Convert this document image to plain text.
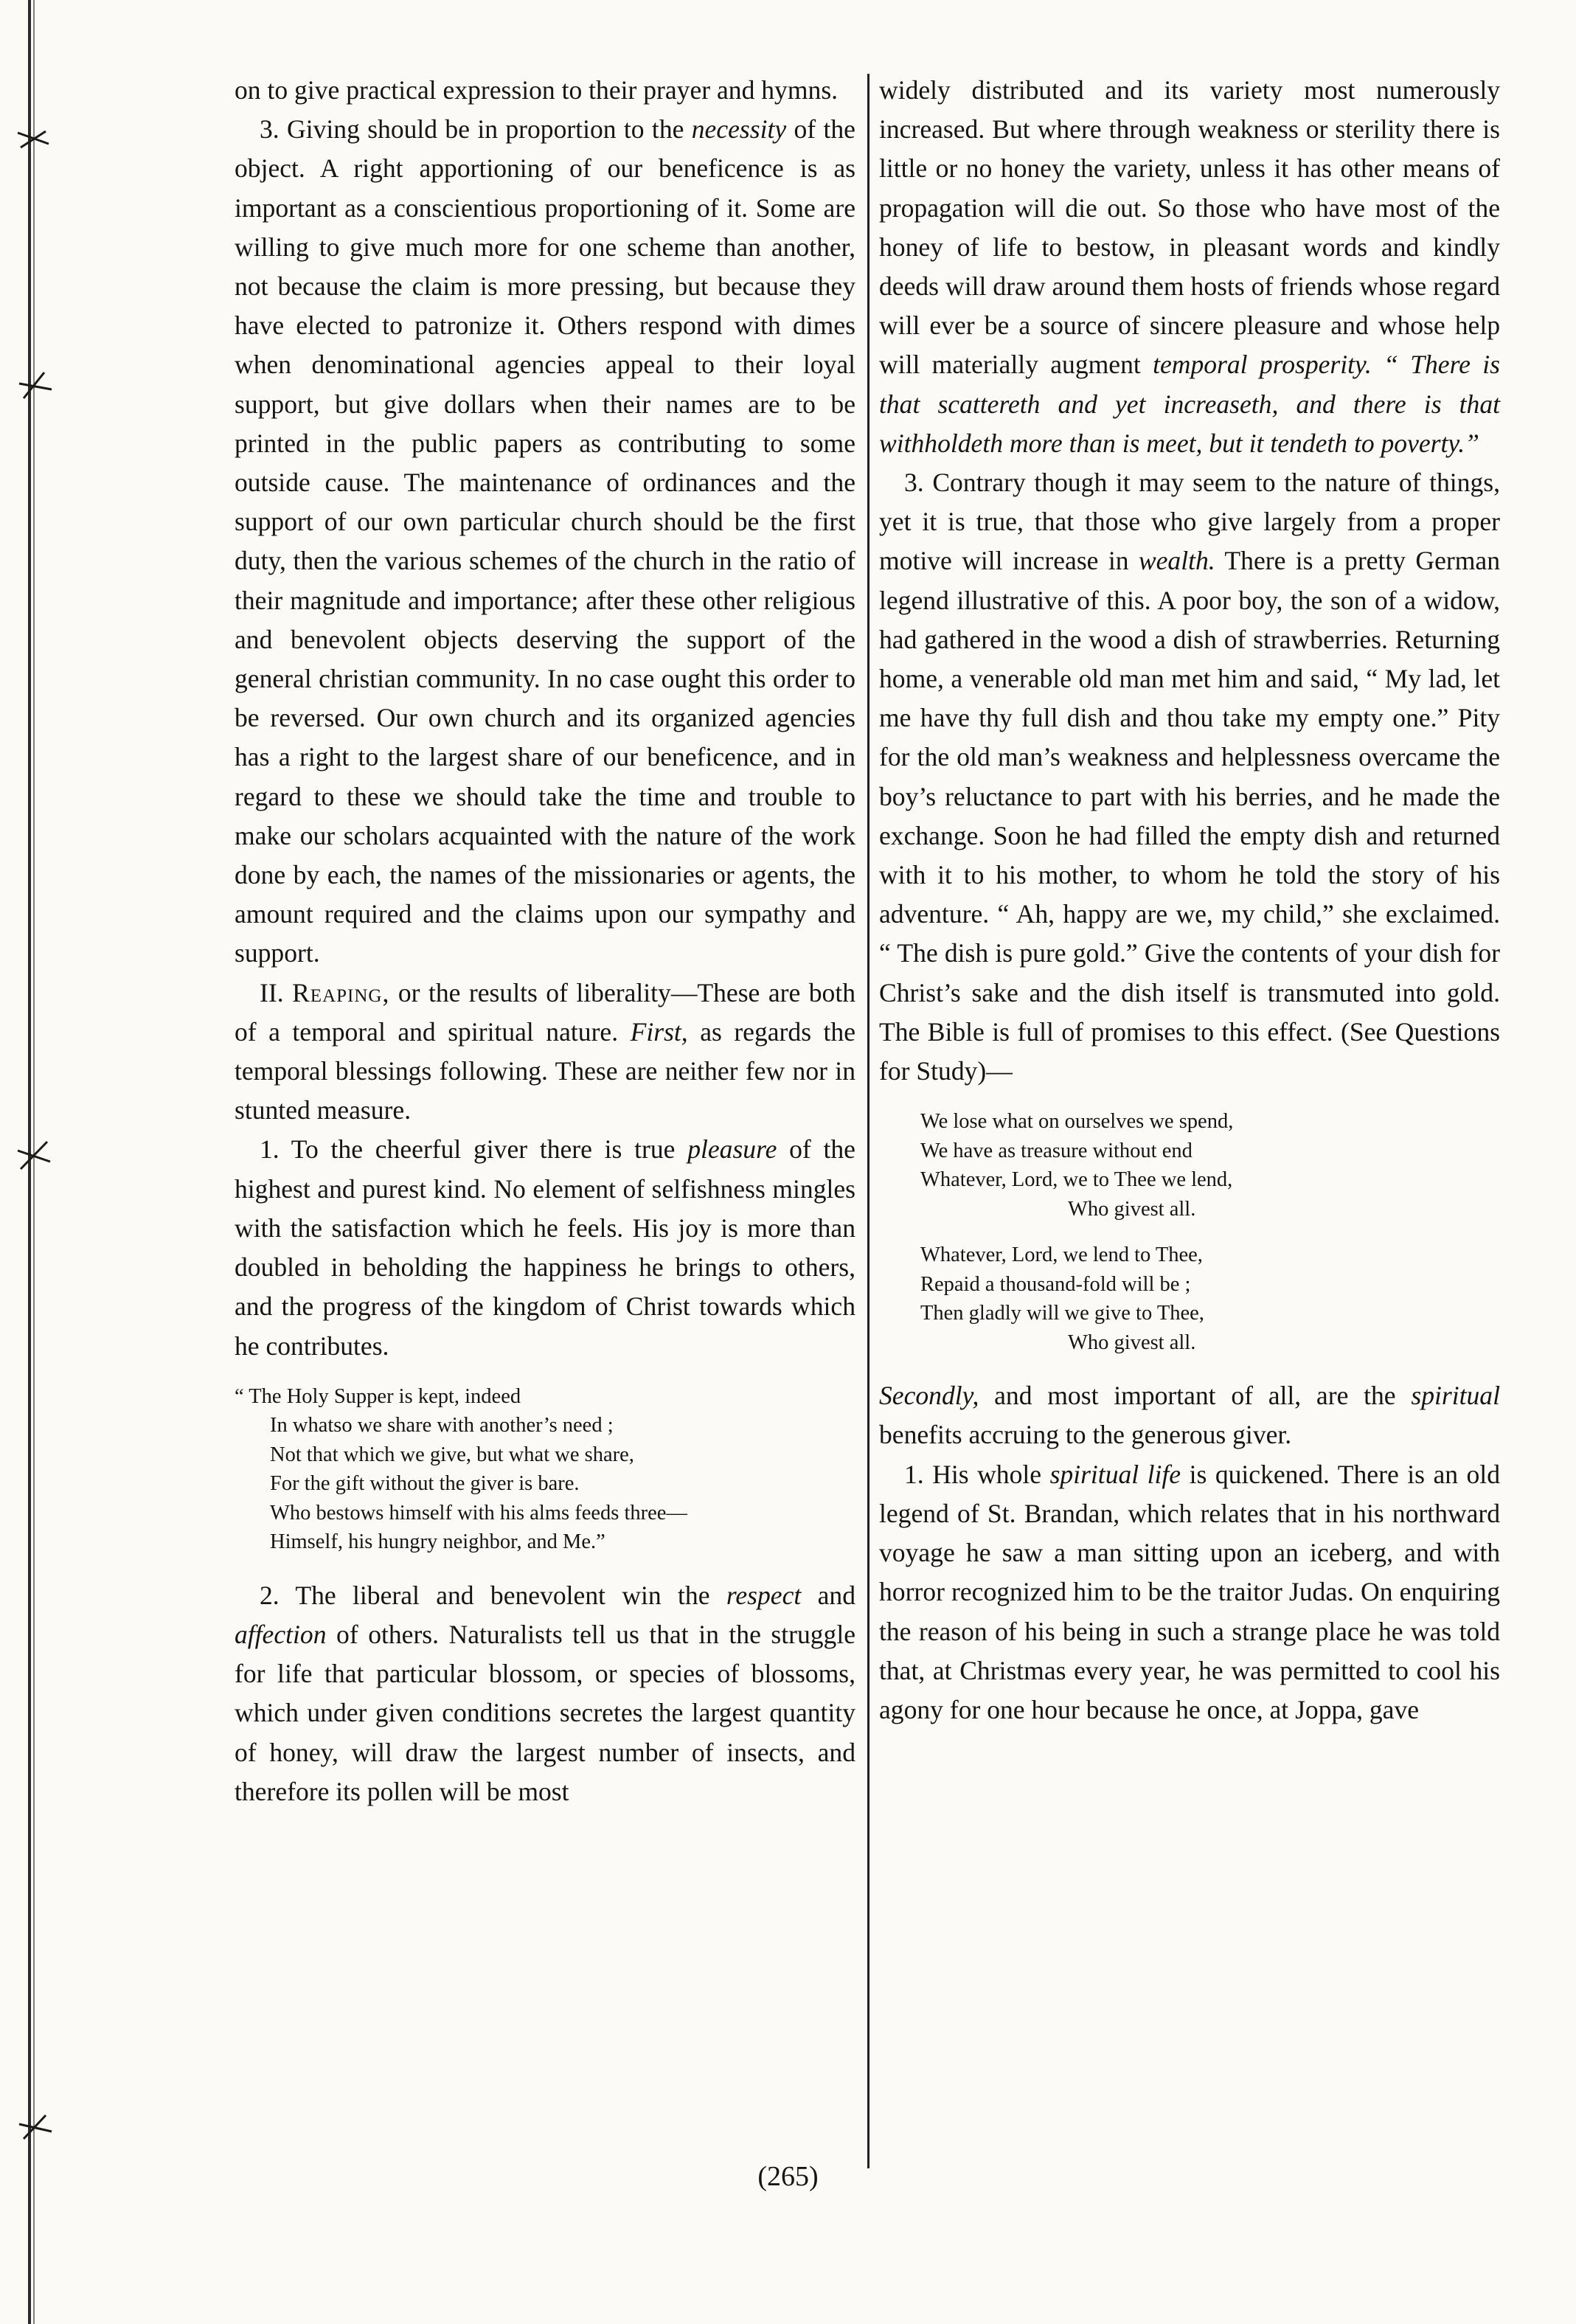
on to give practical expression to their prayer and hymns.

3. Giving should be in proportion to the necessity of the object. A right apportioning of our beneficence is as important as a conscientious proportioning of it. Some are willing to give much more for one scheme than another, not because the claim is more pressing, but because they have elected to patronize it. Others respond with dimes when denominational agencies appeal to their loyal support, but give dollars when their names are to be printed in the public papers as contributing to some outside cause. The maintenance of ordinances and the support of our own particular church should be the first duty, then the various schemes of the church in the ratio of their magnitude and importance; after these other religious and benevolent objects deserving the support of the general christian community. In no case ought this order to be reversed. Our own church and its organized agencies has a right to the largest share of our beneficence, and in regard to these we should take the time and trouble to make our scholars acquainted with the nature of the work done by each, the names of the missionaries or agents, the amount required and the claims upon our sympathy and support.

II. Reaping, or the results of liberality—These are both of a temporal and spiritual nature. First, as regards the temporal blessings following. These are neither few nor in stunted measure.

1. To the cheerful giver there is true pleasure of the highest and purest kind. No element of selfishness mingles with the satisfaction which he feels. His joy is more than doubled in beholding the happiness he brings to others, and the progress of the kingdom of Christ towards which he contributes.

“ The Holy Supper is kept, indeed
In whatso we share with another’s need ;
Not that which we give, but what we share,
For the gift without the giver is bare.
Who bestows himself with his alms feeds three—
Himself, his hungry neighbor, and Me.”

2. The liberal and benevolent win the respect and affection of others. Naturalists tell us that in the struggle for life that particular blossom, or species of blossoms, which under given conditions secretes the largest quantity of honey, will draw the largest number of insects, and therefore its pollen will be most

widely distributed and its variety most numerously increased. But where through weakness or sterility there is little or no honey the variety, unless it has other means of propagation will die out. So those who have most of the honey of life to bestow, in pleasant words and kindly deeds will draw around them hosts of friends whose regard will ever be a source of sincere pleasure and whose help will materially augment temporal prosperity. “ There is that scattereth and yet increaseth, and there is that withholdeth more than is meet, but it tendeth to poverty.”

3. Contrary though it may seem to the nature of things, yet it is true, that those who give largely from a proper motive will increase in wealth. There is a pretty German legend illustrative of this. A poor boy, the son of a widow, had gathered in the wood a dish of strawberries. Returning home, a venerable old man met him and said, “ My lad, let me have thy full dish and thou take my empty one.” Pity for the old man’s weakness and helplessness overcame the boy’s reluctance to part with his berries, and he made the exchange. Soon he had filled the empty dish and returned with it to his mother, to whom he told the story of his adventure. “ Ah, happy are we, my child,” she exclaimed. “ The dish is pure gold.” Give the contents of your dish for Christ’s sake and the dish itself is transmuted into gold. The Bible is full of promises to this effect. (See Questions for Study)—

We lose what on ourselves we spend,
We have as treasure without end
Whatever, Lord, we to Thee we lend,
Who givest all.
Whatever, Lord, we lend to Thee,
Repaid a thousand-fold will be ;
Then gladly will we give to Thee,
Who givest all.

Secondly, and most important of all, are the spiritual benefits accruing to the generous giver.

1. His whole spiritual life is quickened. There is an old legend of St. Brandan, which relates that in his northward voyage he saw a man sitting upon an iceberg, and with horror recognized him to be the traitor Judas. On enquiring the reason of his being in such a strange place he was told that, at Christmas every year, he was permitted to cool his agony for one hour because he once, at Joppa, gave

(265)
